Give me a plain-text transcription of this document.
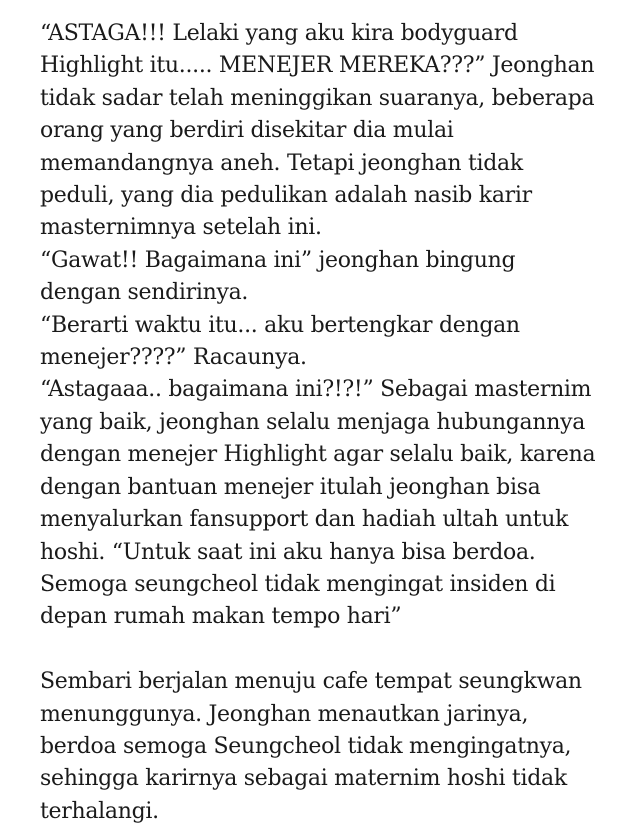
“ASTAGA!!! Lelaki yang aku kira bodyguard
Highlight itu..... MENEJER MEREKA???” Jeonghan
tidak sadar telah meninggikan suaranya, beberapa
orang yang berdiri disekitar dia mulai
memandangnya aneh. Tetapi jeonghan tidak
peduli, yang dia pedulikan adalah nasib karir
masternimnya setelah ini.
“Gawat!! Bagaimana ini” jeonghan bingung
dengan sendirinya.
“Berarti waktu itu... aku bertengkar dengan
menejer????” Racaunya.
“Astagaaa.. bagaimana ini?!?!” Sebagai masternim
yang baik, jeonghan selalu menjaga hubungannya
dengan menejer Highlight agar selalu baik, karena
dengan bantuan menejer itulah jeonghan bisa
menyalurkan fansupport dan hadiah ultah untuk
hoshi. “Untuk saat ini aku hanya bisa berdoa.
Semoga seungcheol tidak mengingat insiden di
depan rumah makan tempo hari”
Sembari berjalan menuju cafe tempat seungkwan
menunggunya. Jeonghan menautkan jarinya,
berdoa semoga Seungcheol tidak mengingatnya,
sehingga karirnya sebagai maternim hoshi tidak
terhalangi.
